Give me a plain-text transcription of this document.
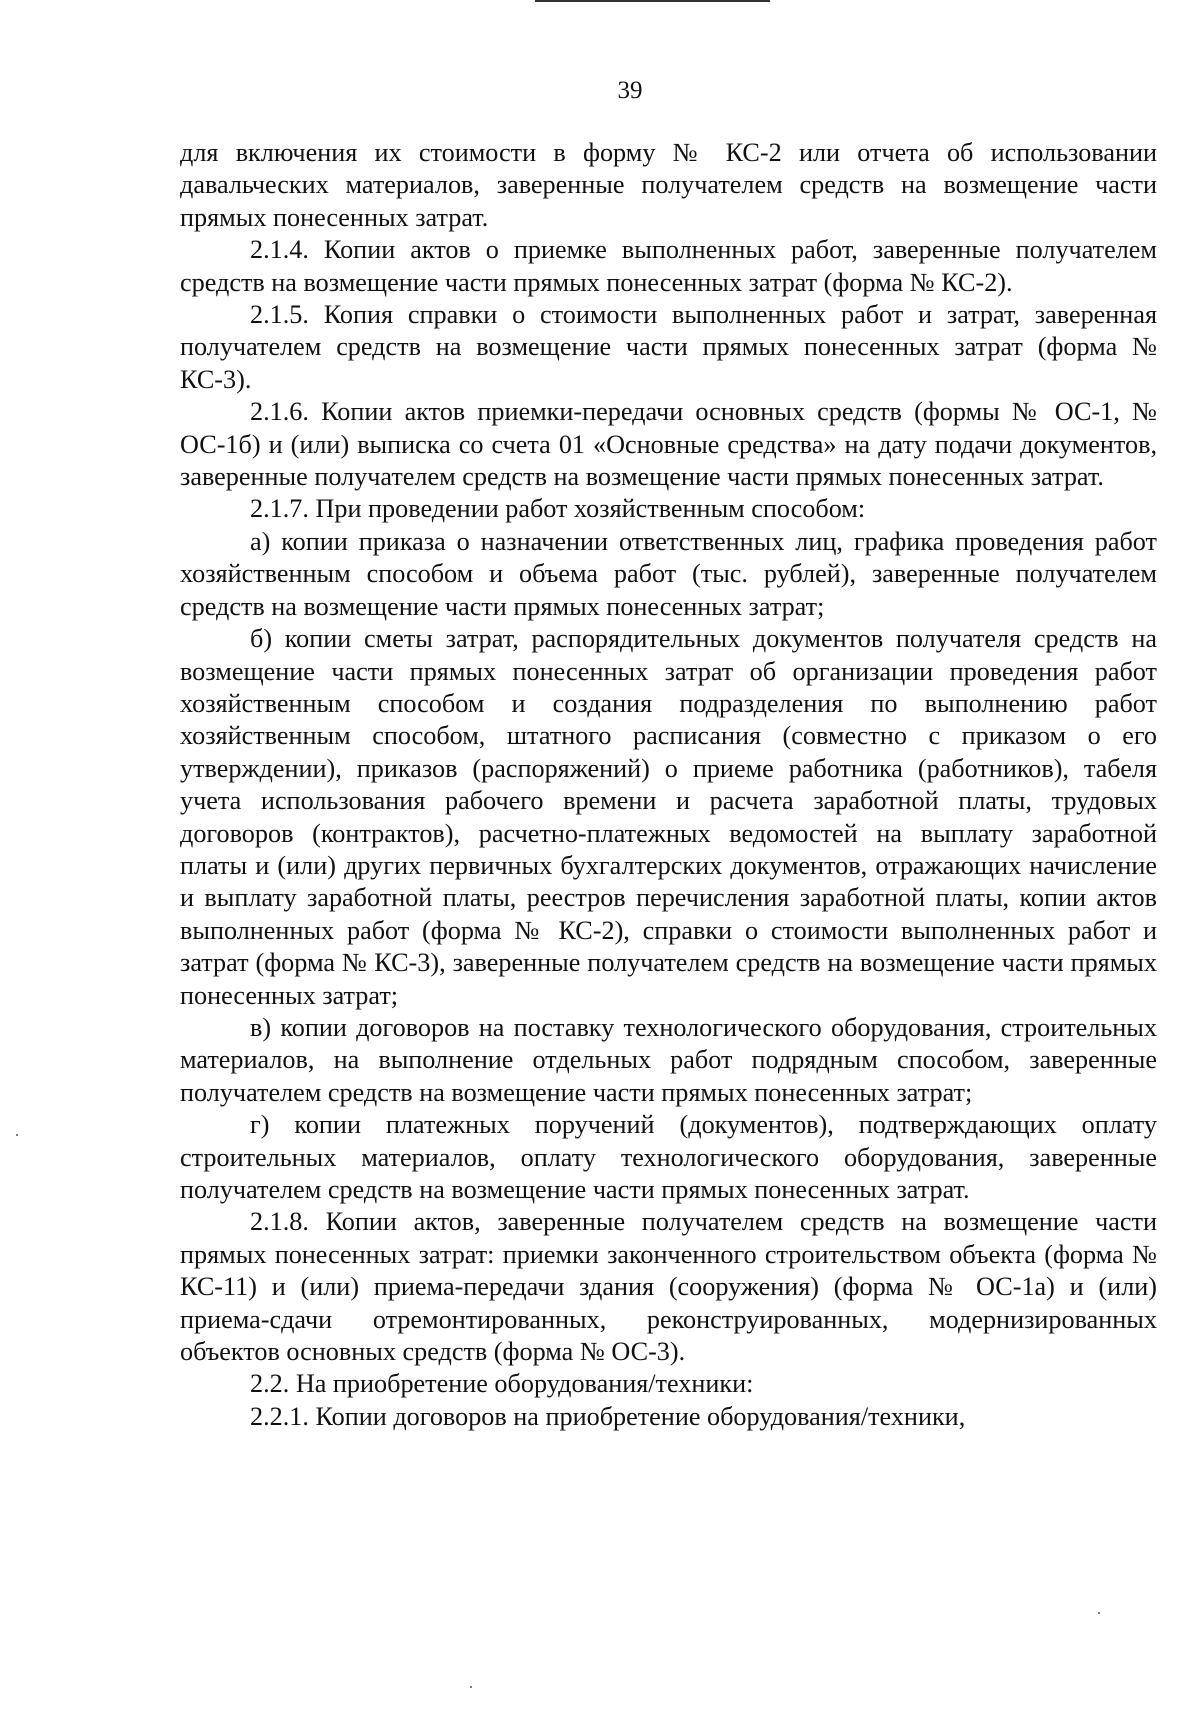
39

для включения их стоимости в форму № КС-2 или отчета об использовании давальческих материалов, заверенные получателем средств на возмещение части прямых понесенных затрат.

2.1.4. Копии актов о приемке выполненных работ, заверенные получателем средств на возмещение части прямых понесенных затрат (форма № КС-2).

2.1.5. Копия справки о стоимости выполненных работ и затрат, заверенная получателем средств на возмещение части прямых понесенных затрат (форма № КС-3).

2.1.6. Копии актов приемки-передачи основных средств (формы № ОС-1, № ОС-1б) и (или) выписка со счета 01 «Основные средства» на дату подачи документов, заверенные получателем средств на возмещение части прямых понесенных затрат.

2.1.7. При проведении работ хозяйственным способом:

а) копии приказа о назначении ответственных лиц, графика проведения работ хозяйственным способом и объема работ (тыс. рублей), заверенные получателем средств на возмещение части прямых понесенных затрат;

б) копии сметы затрат, распорядительных документов получателя средств на возмещение части прямых понесенных затрат об организации проведения работ хозяйственным способом и создания подразделения по выполнению работ хозяйственным способом, штатного расписания (совместно с приказом о его утверждении), приказов (распоряжений) о приеме работника (работников), табеля учета использования рабочего времени и расчета заработной платы, трудовых договоров (контрактов), расчетно-платежных ведомостей на выплату заработной платы и (или) других первичных бухгалтерских документов, отражающих начисление и выплату заработной платы, реестров перечисления заработной платы, копии актов выполненных работ (форма № КС-2), справки о стоимости выполненных работ и затрат (форма № КС-3), заверенные получателем средств на возмещение части прямых понесенных затрат;

в) копии договоров на поставку технологического оборудования, строительных материалов, на выполнение отдельных работ подрядным способом, заверенные получателем средств на возмещение части прямых понесенных затрат;

г) копии платежных поручений (документов), подтверждающих оплату строительных материалов, оплату технологического оборудования, заверенные получателем средств на возмещение части прямых понесенных затрат.

2.1.8. Копии актов, заверенные получателем средств на возмещение части прямых понесенных затрат: приемки законченного строительством объекта (форма № КС-11) и (или) приема-передачи здания (сооружения) (форма № ОС-1а) и (или) приема-сдачи отремонтированных, реконструированных, модернизированных объектов основных средств (форма № ОС-3).

2.2. На приобретение оборудования/техники:

2.2.1. Копии договоров на приобретение оборудования/техники,
